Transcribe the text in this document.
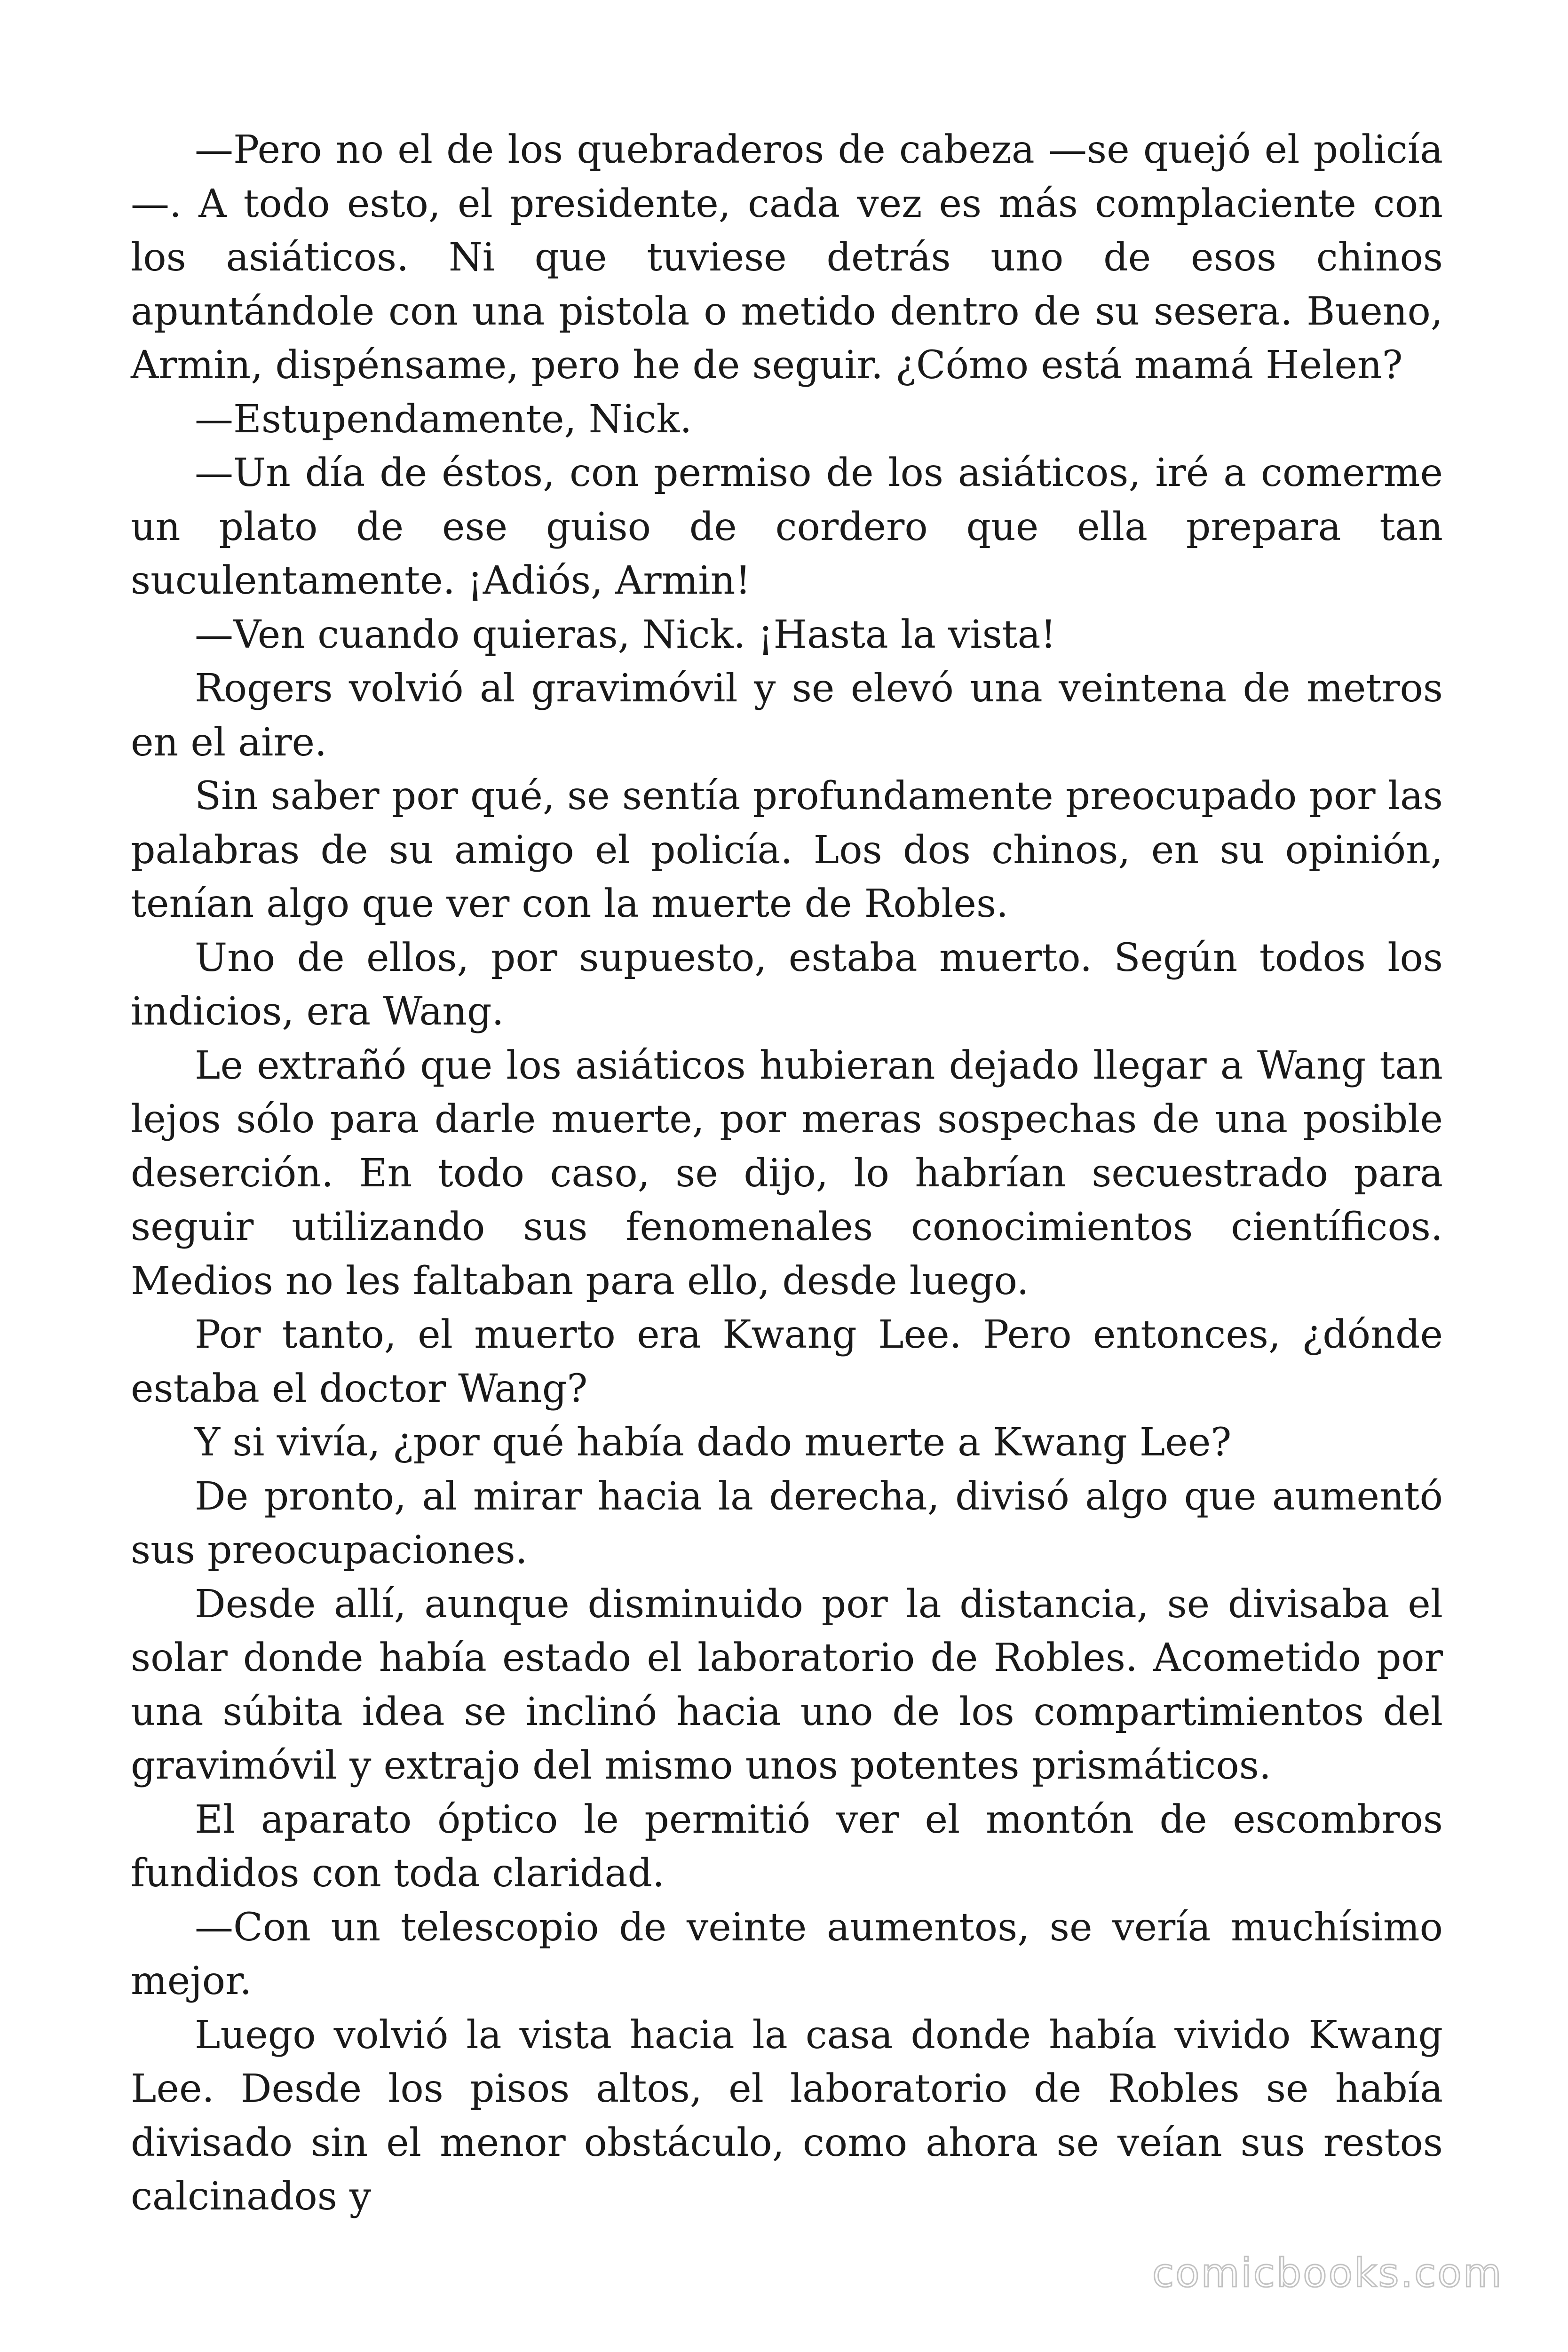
—Pero no el de los quebraderos de cabeza —se quejó el policía —. A todo esto, el presidente, cada vez es más complaciente con los asiáticos. Ni que tuviese detrás uno de esos chinos apuntándole con una pistola o metido dentro de su sesera. Bueno, Armin, dispénsame, pero he de seguir. ¿Cómo está mamá Helen?

—Estupendamente, Nick.

—Un día de éstos, con permiso de los asiáticos, iré a comerme un plato de ese guiso de cordero que ella prepara tan suculentamente. ¡Adiós, Armin!

—Ven cuando quieras, Nick. ¡Hasta la vista!

Rogers volvió al gravimóvil y se elevó una veintena de metros en el aire.

Sin saber por qué, se sentía profundamente preocupado por las palabras de su amigo el policía. Los dos chinos, en su opinión, tenían algo que ver con la muerte de Robles.

Uno de ellos, por supuesto, estaba muerto. Según todos los indicios, era Wang.

Le extrañó que los asiáticos hubieran dejado llegar a Wang tan lejos sólo para darle muerte, por meras sospechas de una posible deserción. En todo caso, se dijo, lo habrían secuestrado para seguir utilizando sus fenomenales conocimientos científicos. Medios no les faltaban para ello, desde luego.

Por tanto, el muerto era Kwang Lee. Pero entonces, ¿dónde estaba el doctor Wang?

Y si vivía, ¿por qué había dado muerte a Kwang Lee?

De pronto, al mirar hacia la derecha, divisó algo que aumentó sus preocupaciones.

Desde allí, aunque disminuido por la distancia, se divisaba el solar donde había estado el laboratorio de Robles. Acometido por una súbita idea se inclinó hacia uno de los compartimientos del gravimóvil y extrajo del mismo unos potentes prismáticos.

El aparato óptico le permitió ver el montón de escombros fundidos con toda claridad.

—Con un telescopio de veinte aumentos, se vería muchísimo mejor.

Luego volvió la vista hacia la casa donde había vivido Kwang Lee. Desde los pisos altos, el laboratorio de Robles se había divisado sin el menor obstáculo, como ahora se veían sus restos calcinados y

comicbooks.com
